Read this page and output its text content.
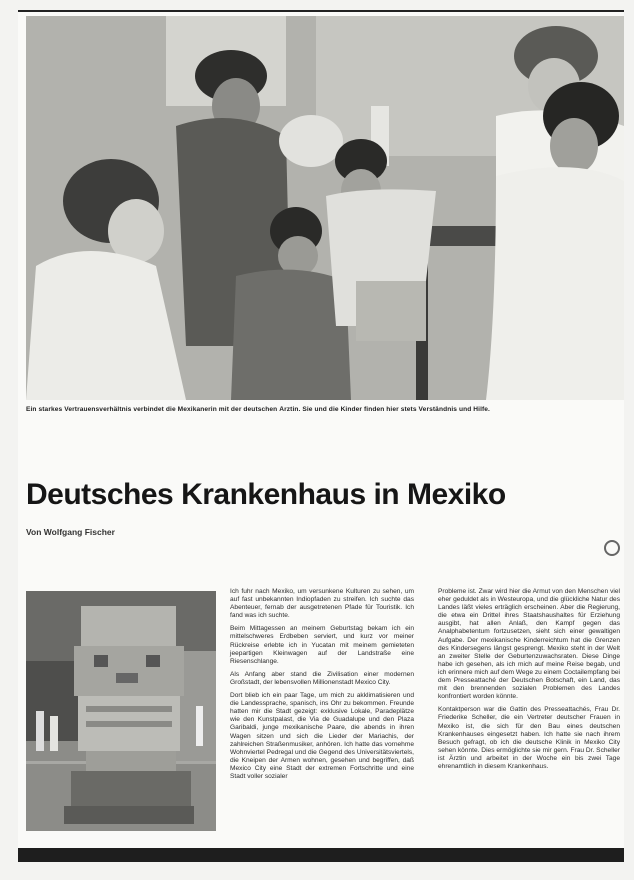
Ein starkes Vertrauensverhältnis verbindet die Mexikanerin mit der deutschen Ärztin. Sie und die Kinder finden hier stets Verständnis und Hilfe.
Deutsches Krankenhaus in Mexiko
Von Wolfgang Fischer

Ich fuhr nach Mexiko, um versunkene Kulturen zu sehen, um auf fast unbekannten Indiopfaden zu streifen. Ich suchte das Abenteuer, fernab der ausgetretenen Pfade für Touristik. Ich fand was ich suchte.

Beim Mittagessen an meinem Geburtstag bekam ich ein mittelschweres Erdbeben serviert, und kurz vor meiner Rückreise erlebte ich in Yucatan mit meinem gemieteten jeepartigen Kleinwagen auf der Landstraße eine Riesenschlange.

Als Anfang aber stand die Zivilisation einer modernen Großstadt, der lebensvollen Millionenstadt Mexico City.

Dort blieb ich ein paar Tage, um mich zu akklimatisieren und die Landessprache, spanisch, ins Ohr zu bekommen. Freunde hatten mir die Stadt gezeigt: exklusive Lokale, Paradeplätze wie den Kunstpalast, die Via de Guadalupe und den Plaza Garibaldi, junge mexikanische Paare, die abends in ihren Wagen sitzen und sich die Lieder der Mariachis, der zahlreichen Straßenmusiker, anhören. Ich hatte das vornehme Wohnviertel Pedregal und die Gegend des Universitätsviertels, die Kneipen der Armen wohnen, gesehen und begriffen, daß Mexico City eine Stadt der extremen Fortschritte und eine Stadt voller sozialer

Probleme ist. Zwar wird hier die Armut von den Menschen viel eher geduldet als in Westeuropa, und die glückliche Natur des Landes läßt vieles erträglich erscheinen. Aber die Regierung, die etwa ein Drittel ihres Staatshaushaltes für Erziehung ausgibt, hat allen Anlaß, den Kampf gegen das Analphabetentum fortzusetzen, sieht sich einer gewaltigen Aufgabe. Der mexikanische Kinderreichtum hat die Grenzen des Kindersegens längst gesprengt. Mexiko steht in der Welt an zweiter Stelle der Geburtenzuwachsraten. Diese Dinge habe ich gesehen, als ich mich auf meine Reise begab, und ich erinnere mich auf dem Wege zu einem Coctailempfang bei dem Presseattaché der Deutschen Botschaft, ein Land, das mit den brennenden sozialen Problemen des Landes konfrontiert worden könnte.

Kontaktperson war die Gattin des Presseattachés, Frau Dr. Friederike Scheller, die ein Vertreter deutscher Frauen in Mexiko ist, die sich für den Bau eines deutschen Krankenhauses eingesetzt haben. Ich hatte sie nach ihrem Besuch gefragt, ob ich die deutsche Klinik in Mexiko City sehen könnte. Dies ermöglichte sie mir gern. Frau Dr. Scheller ist Ärztin und arbeitet in der Woche ein bis zwei Tage ehrenamtlich in diesem Krankenhaus.
